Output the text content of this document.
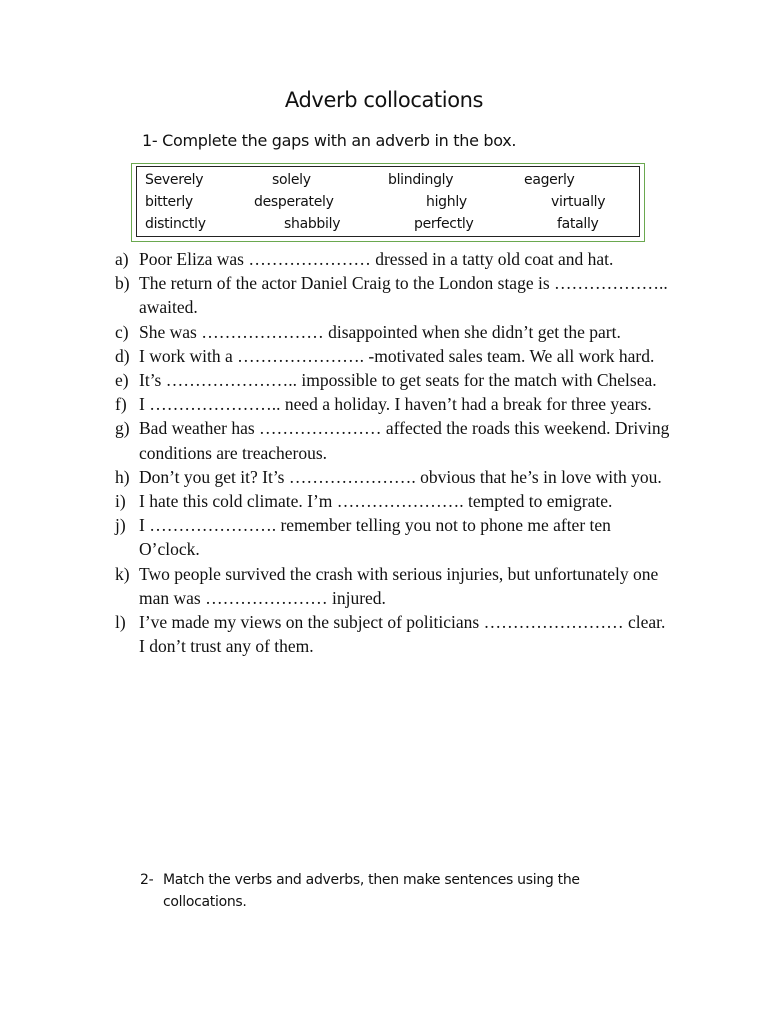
Adverb collocations
1- Complete the gaps with an adverb in the box.
Severely	solely	blindingly	eagerly
bitterly	desperately	highly	virtually
distinctly	shabbily	perfectly	fatally
a) Poor Eliza was ………………… dressed in a tatty old coat and hat.
b) The return of the actor Daniel Craig to the London stage is ……………….. awaited.
c) She was ………………… disappointed when she didn’t get the part.
d) I work with a …………………. -motivated sales team. We all work hard.
e) It’s ………………….. impossible to get seats for the match with Chelsea.
f) I ………………….. need a holiday. I haven’t had a break for three years.
g) Bad weather has ………………… affected the roads this weekend. Driving conditions are treacherous.
h) Don’t you get it? It’s …………………. obvious that he’s in love with you.
i) I hate this cold climate. I’m …………………. tempted to emigrate.
j) I …………………. remember telling you not to phone me after ten O’clock.
k) Two people survived the crash with serious injuries, but unfortunately one man was ………………… injured.
l) I’ve made my views on the subject of politicians …………………… clear. I don’t trust any of them.
2- Match the verbs and adverbs, then make sentences using the collocations.
